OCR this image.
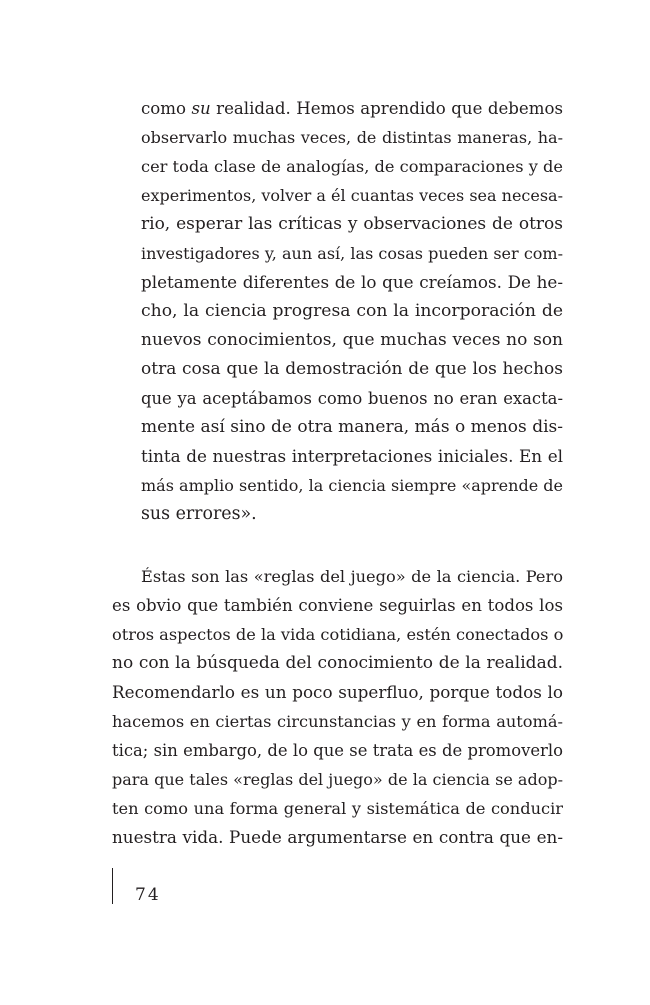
como su realidad. Hemos aprendido que debemos
observarlo muchas veces, de distintas maneras, ha-
cer toda clase de analogías, de comparaciones y de
experimentos, volver a él cuantas veces sea necesa-
rio, esperar las críticas y observaciones de otros
investigadores y, aun así, las cosas pueden ser com-
pletamente diferentes de lo que creíamos. De he-
cho, la ciencia progresa con la incorporación de
nuevos conocimientos, que muchas veces no son
otra cosa que la demostración de que los hechos
que ya aceptábamos como buenos no eran exacta-
mente así sino de otra manera, más o menos dis-
tinta de nuestras interpretaciones iniciales. En el
más amplio sentido, la ciencia siempre «aprende de
sus errores».
Éstas son las «reglas del juego» de la ciencia. Pero
es obvio que también conviene seguirlas en todos los
otros aspectos de la vida cotidiana, estén conectados o
no con la búsqueda del conocimiento de la realidad.
Recomendarlo es un poco superfluo, porque todos lo
hacemos en ciertas circunstancias y en forma automá-
tica; sin embargo, de lo que se trata es de promoverlo
para que tales «reglas del juego» de la ciencia se adop-
ten como una forma general y sistemática de conducir
nuestra vida. Puede argumentarse en contra que en-
74
